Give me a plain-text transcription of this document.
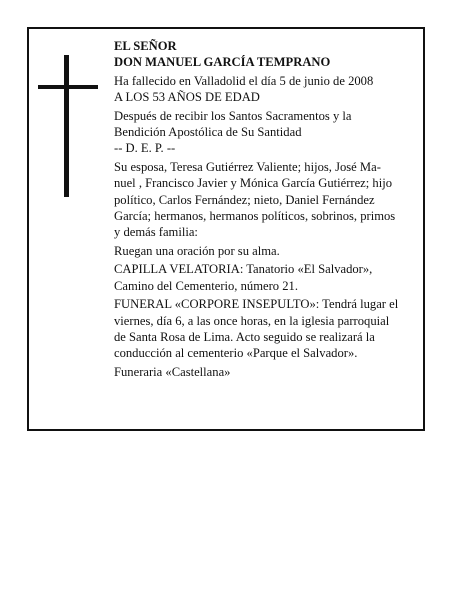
EL SEÑOR
DON MANUEL GARCÍA TEMPRANO

Ha fallecido en Valladolid el día 5 de junio de 2008
A LOS 53 AÑOS DE EDAD

Después de recibir los Santos Sacramentos y la
Bendición Apostólica de Su Santidad
-- D. E. P. --

Su esposa, Teresa Gutiérrez Valiente; hijos, José Ma-
nuel , Francisco Javier y Mónica García Gutiérrez; hijo
político, Carlos Fernández; nieto, Daniel Fernández
García; hermanos, hermanos políticos, sobrinos, primos
y demás familia:

Ruegan una oración por su alma.

CAPILLA VELATORIA: Tanatorio «El Salvador»,
Camino del Cementerio, número 21.

FUNERAL «CORPORE INSEPULTO»: Tendrá lugar el
viernes, día 6, a las once horas, en la iglesia parroquial
de Santa Rosa de Lima. Acto seguido se realizará la
conducción al cementerio «Parque el Salvador».

Funeraria «Castellana»
